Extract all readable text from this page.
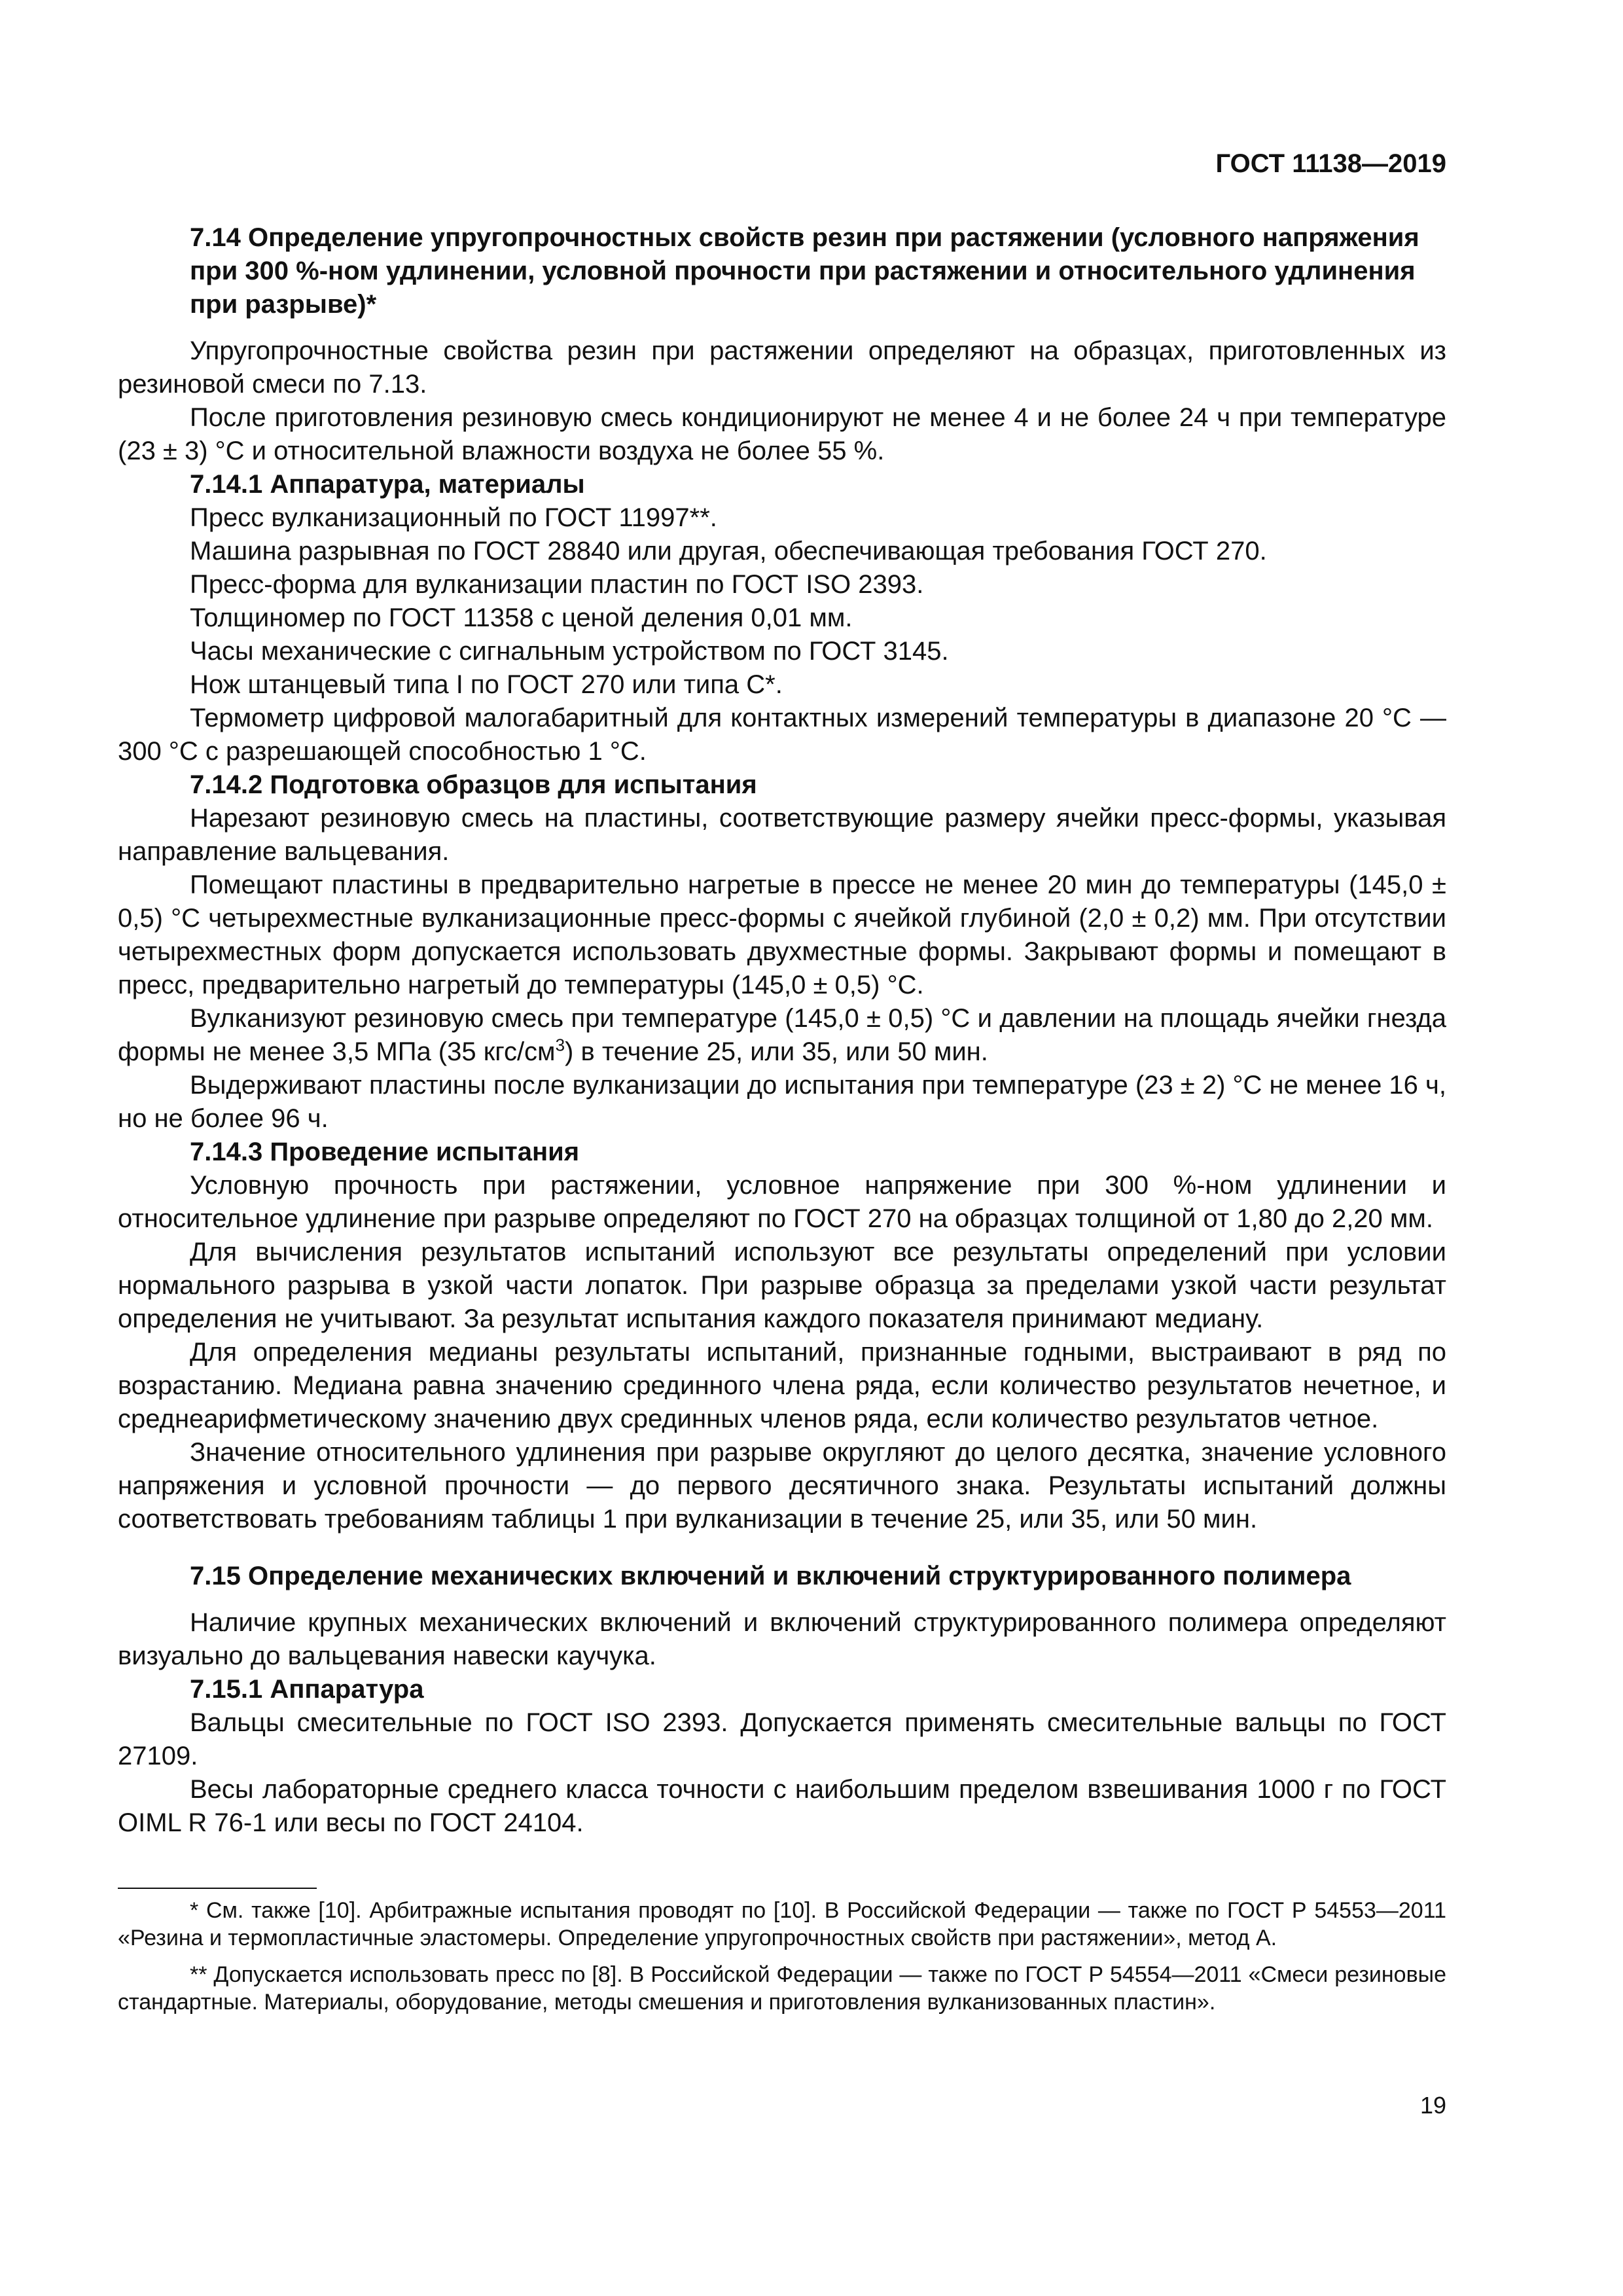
ГОСТ 11138—2019
7.14 Определение упругопрочностных свойств резин при растяжении (условного напряжения при 300 %-ном удлинении, условной прочности при растяжении и относительного удлинения при разрыве)*

Упругопрочностные свойства резин при растяжении определяют на образцах, приготовленных из резиновой смеси по 7.13.

После приготовления резиновую смесь кондиционируют не менее 4 и не более 24 ч при температуре (23 ± 3) °С и относительной влажности воздуха не более 55 %.

7.14.1 Аппаратура, материалы

Пресс вулканизационный по ГОСТ 11997**.

Машина разрывная по ГОСТ 28840 или другая, обеспечивающая требования ГОСТ 270.

Пресс-форма для вулканизации пластин по ГОСТ ISO 2393.

Толщиномер по ГОСТ 11358 с ценой деления 0,01 мм.

Часы механические с сигнальным устройством по ГОСТ 3145.

Нож штанцевый типа I по ГОСТ 270 или типа С*.

Термометр цифровой малогабаритный для контактных измерений температуры в диапазоне 20 °С — 300 °С с разрешающей способностью 1 °С.

7.14.2 Подготовка образцов для испытания

Нарезают резиновую смесь на пластины, соответствующие размеру ячейки пресс-формы, указывая направление вальцевания.

Помещают пластины в предварительно нагретые в прессе не менее 20 мин до температуры (145,0 ± 0,5) °С четырехместные вулканизационные пресс-формы с ячейкой глубиной (2,0 ± 0,2) мм. При отсутствии четырехместных форм допускается использовать двухместные формы. Закрывают формы и помещают в пресс, предварительно нагретый до температуры (145,0 ± 0,5) °С.

Вулканизуют резиновую смесь при температуре (145,0 ± 0,5) °С и давлении на площадь ячейки гнезда формы не менее 3,5 МПа (35 кгс/$см^3$) в течение 25, или 35, или 50 мин.

Выдерживают пластины после вулканизации до испытания при температуре (23 ± 2) °С не менее 16 ч, но не более 96 ч.

7.14.3 Проведение испытания

Условную прочность при растяжении, условное напряжение при 300 %-ном удлинении и относительное удлинение при разрыве определяют по ГОСТ 270 на образцах толщиной от 1,80 до 2,20 мм.

Для вычисления результатов испытаний используют все результаты определений при условии нормального разрыва в узкой части лопаток. При разрыве образца за пределами узкой части результат определения не учитывают. За результат испытания каждого показателя принимают медиану.

Для определения медианы результаты испытаний, признанные годными, выстраивают в ряд по возрастанию. Медиана равна значению срединного члена ряда, если количество результатов нечетное, и среднеарифметическому значению двух срединных членов ряда, если количество результатов четное.

Значение относительного удлинения при разрыве округляют до целого десятка, значение условного напряжения и условной прочности — до первого десятичного знака. Результаты испытаний должны соответствовать требованиям таблицы 1 при вулканизации в течение 25, или 35, или 50 мин.

7.15 Определение механических включений и включений структурированного полимера

Наличие крупных механических включений и включений структурированного полимера определяют визуально до вальцевания навески каучука.

7.15.1 Аппаратура

Вальцы смесительные по ГОСТ ISO 2393. Допускается применять смесительные вальцы по ГОСТ 27109.

Весы лабораторные среднего класса точности с наибольшим пределом взвешивания 1000 г по ГОСТ OIML R 76-1 или весы по ГОСТ 24104.

* См. также [10]. Арбитражные испытания проводят по [10]. В Российской Федерации — также по ГОСТ Р 54553—2011 «Резина и термопластичные эластомеры. Определение упругопрочностных свойств при растяжении», метод А.

** Допускается использовать пресс по [8]. В Российской Федерации — также по ГОСТ Р 54554—2011 «Смеси резиновые стандартные. Материалы, оборудование, методы смешения и приготовления вулканизованных пластин».

19
